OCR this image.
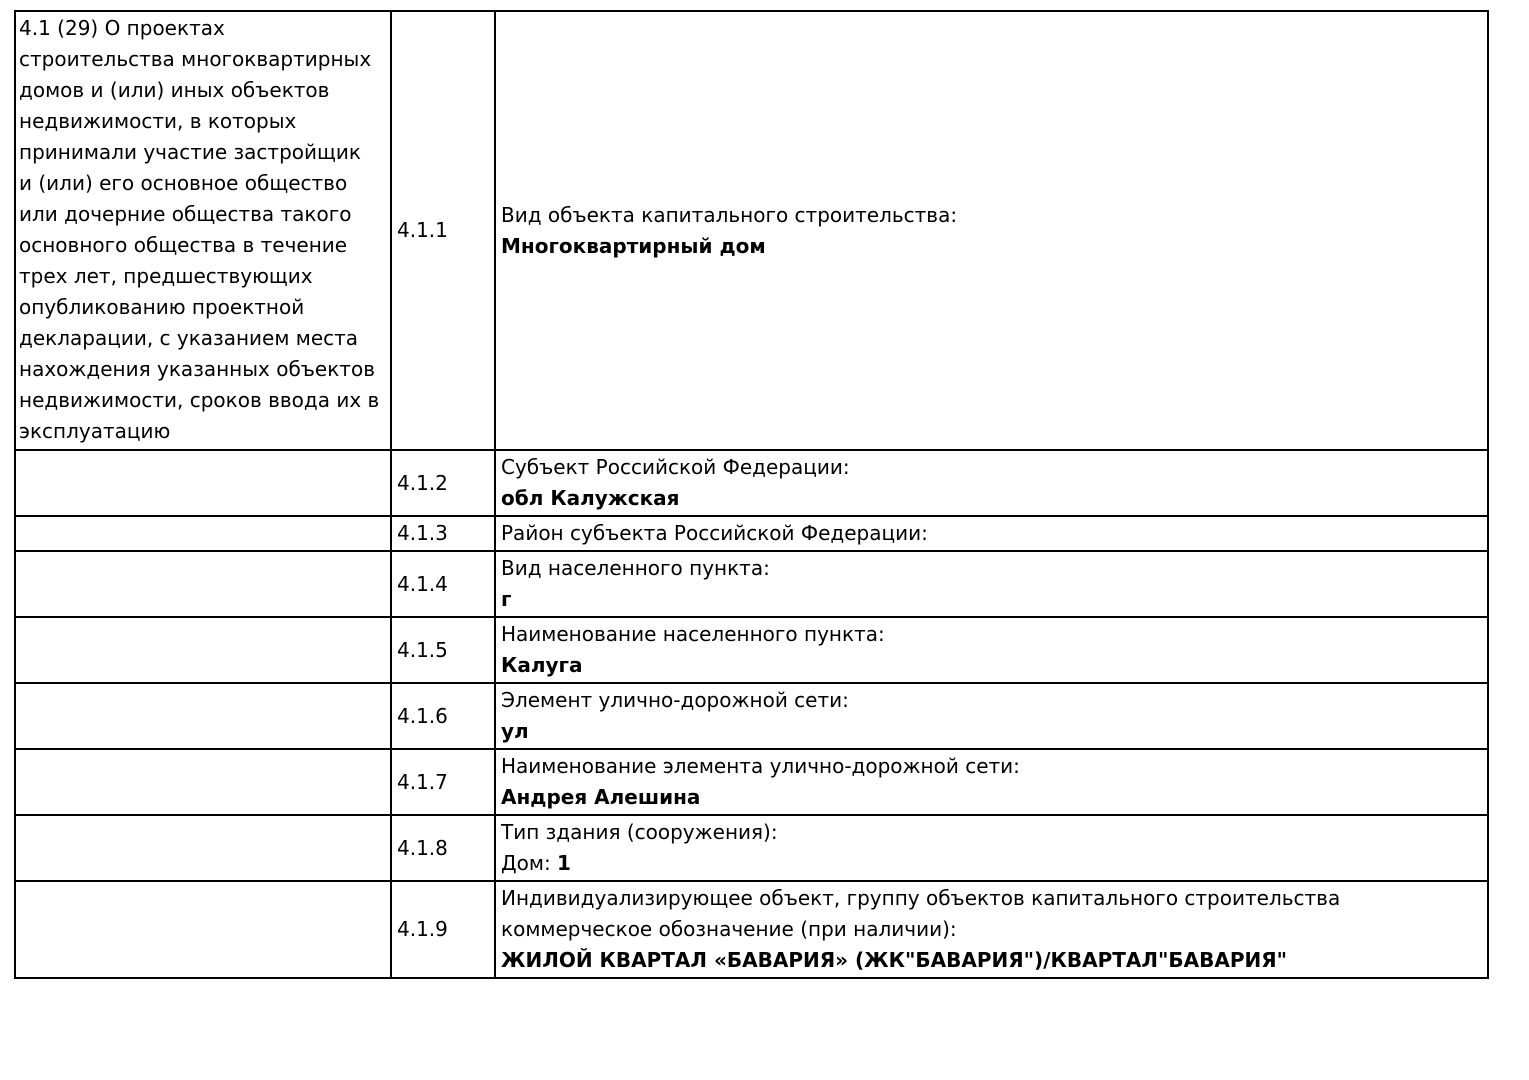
4.1 (29) О проектах строительства многоквартирных домов и (или) иных объектов недвижимости, в которых принимали участие застройщик и (или) его основное общество или дочерние общества такого основного общества в течение трех лет, предшествующих опубликованию проектной декларации, с указанием места нахождения указанных объектов недвижимости, сроков ввода их в эксплуатацию	4.1.1	Вид объекта капитального строительства:
Многоквартирный дом

	4.1.2	Субъект Российской Федерации:
обл Калужская

	4.1.3	Район субъекта Российской Федерации:

	4.1.4	Вид населенного пункта:
г

	4.1.5	Наименование населенного пункта:
Калуга

	4.1.6	Элемент улично-дорожной сети:
ул

	4.1.7	Наименование элемента улично-дорожной сети:
Андрея Алешина

	4.1.8	Тип здания (сооружения):
Дом: 1

	4.1.9	Индивидуализирующее объект, группу объектов капитального строительства коммерческое обозначение (при наличии):
ЖИЛОЙ КВАРТАЛ «БАВАРИЯ» (ЖК"БАВАРИЯ")/КВАРТАЛ"БАВАРИЯ"
